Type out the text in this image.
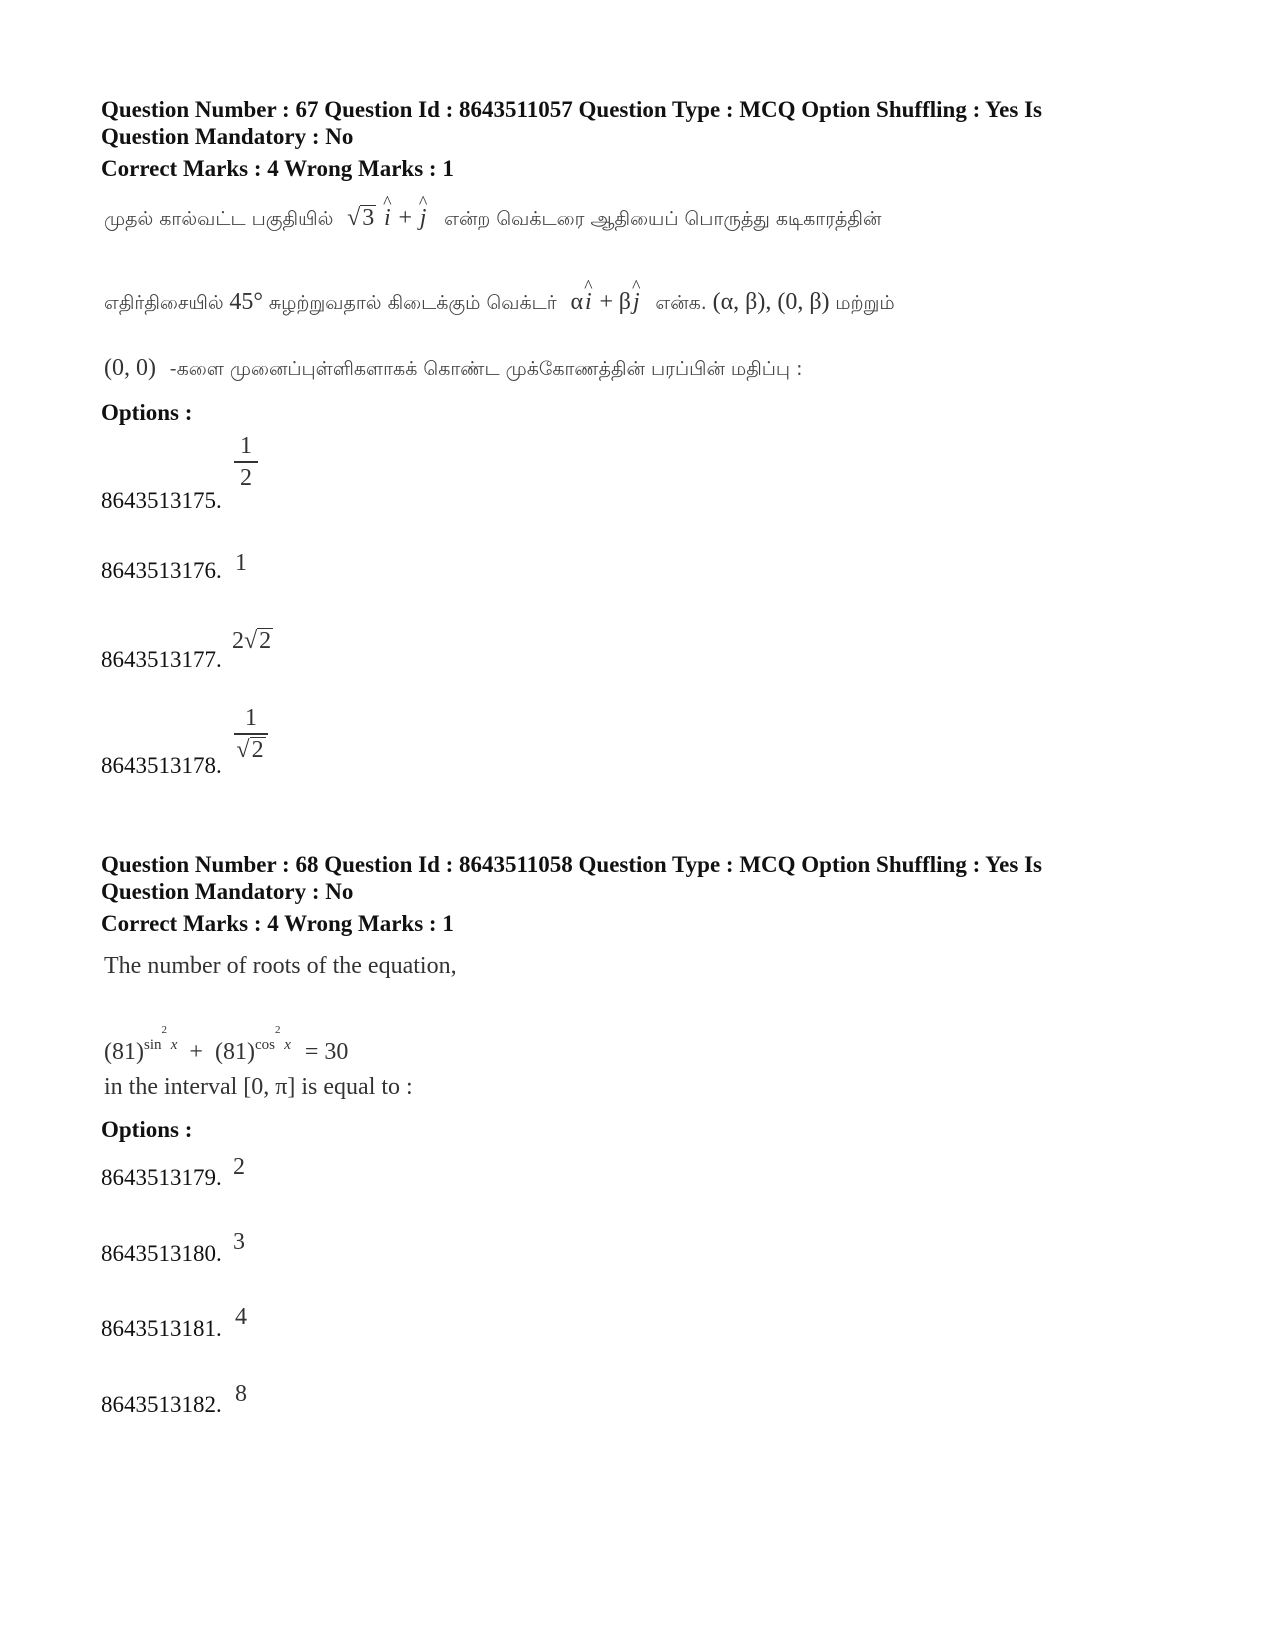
Question Number : 67 Question Id : 8643511057 Question Type : MCQ Option Shuffling : Yes Is
Question Mandatory : No
Correct Marks : 4 Wrong Marks : 1
முதல் கால்வட்ட பகுதியில் √3
^
i +
^
j என்ற வெக்டரை ஆதியைப் பொருத்து கடிகாரத்தின்
எதிர்திசையில் 45° சுழற்றுவதால் கிடைக்கும் வெக்டர் α
^
i + β
^
j என்க. (α, β), (0, β) மற்றும்
(0, 0) -களை முனைப்புள்ளிகளாகக் கொண்ட முக்கோணத்தின் பரப்பின் மதிப்பு :
Options :
8643513175.
1
2
8643513176. 1
8643513177.
2√2
8643513178.
1
√2
Question Number : 68 Question Id : 8643511058 Question Type : MCQ Option Shuffling : Yes Is
Question Mandatory : No
Correct Marks : 4 Wrong Marks : 1
The number of roots of the equation,
$(81)^{sin^2 x} + (81)^{cos^2 x} = 30$
in the interval [0, π] is equal to :
Options :
8643513179. 2
8643513180. 3
8643513181. 4
8643513182. 8
